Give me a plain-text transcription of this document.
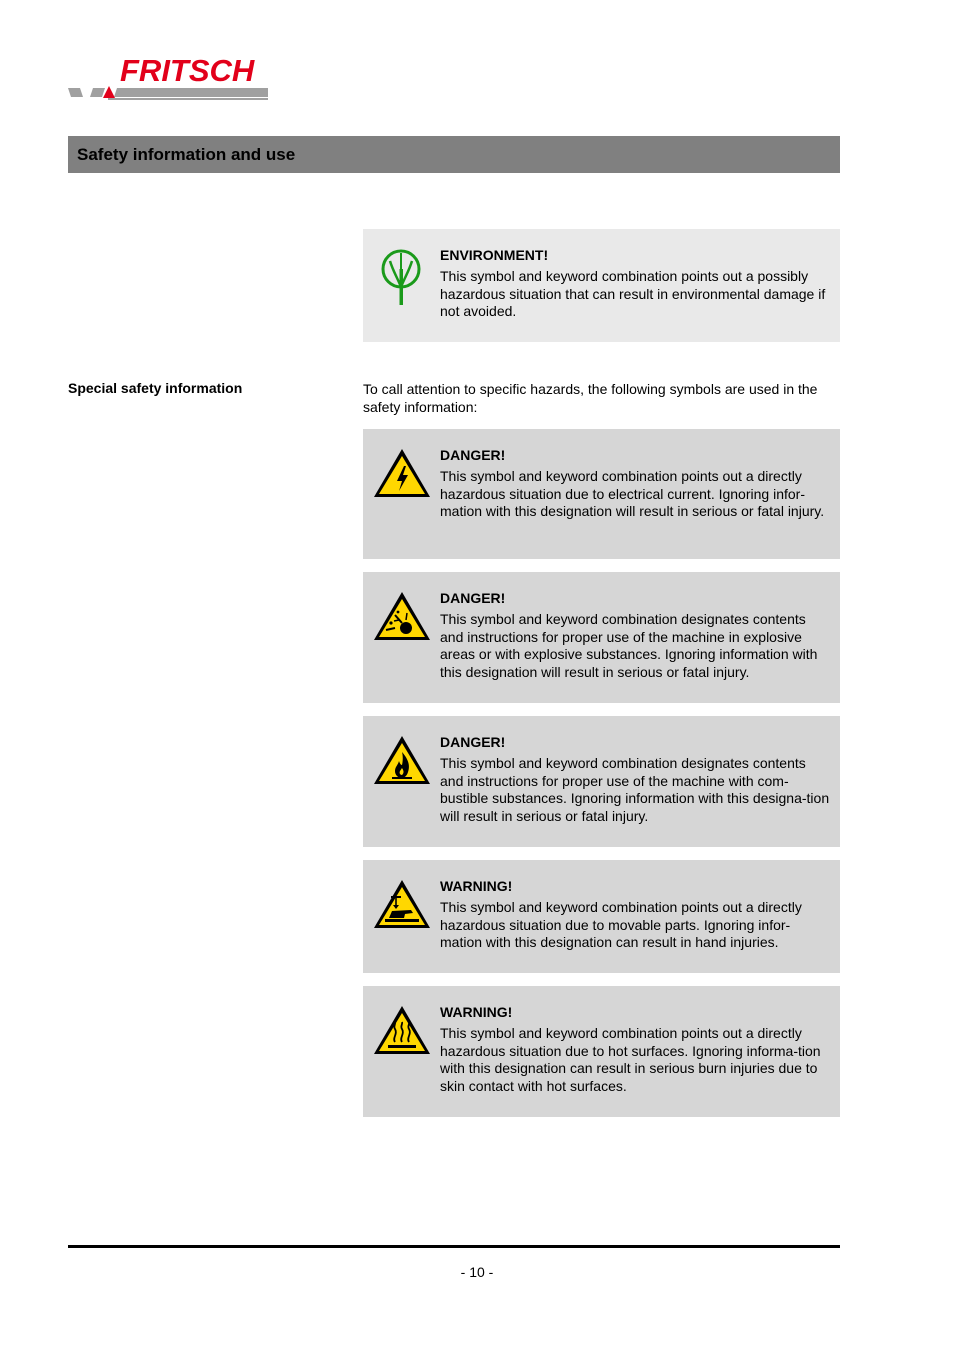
FRITSCH
Safety information and use
ENVIRONMENT!
This symbol and keyword combination points out a possibly hazardous situation that can result in environmental damage if not avoided.
Special safety information	To call attention to specific hazards, the following symbols are used in the safety information:
DANGER!
This symbol and keyword combination points out a directly hazardous situation due to electrical current. Ignoring infor-mation with this designation will result in serious or fatal injury.
DANGER!
This symbol and keyword combination designates contents and instructions for proper use of the machine in explosive areas or with explosive substances. Ignoring information with this designation will result in serious or fatal injury.
DANGER!
This symbol and keyword combination designates contents and instructions for proper use of the machine with com-bustible substances. Ignoring information with this designa-tion will result in serious or fatal injury.
WARNING!
This symbol and keyword combination points out a directly hazardous situation due to movable parts. Ignoring infor-mation with this designation can result in hand injuries.
WARNING!
This symbol and keyword combination points out a directly hazardous situation due to hot surfaces. Ignoring informa-tion with this designation can result in serious burn injuries due to skin contact with hot surfaces.
- 10 -
